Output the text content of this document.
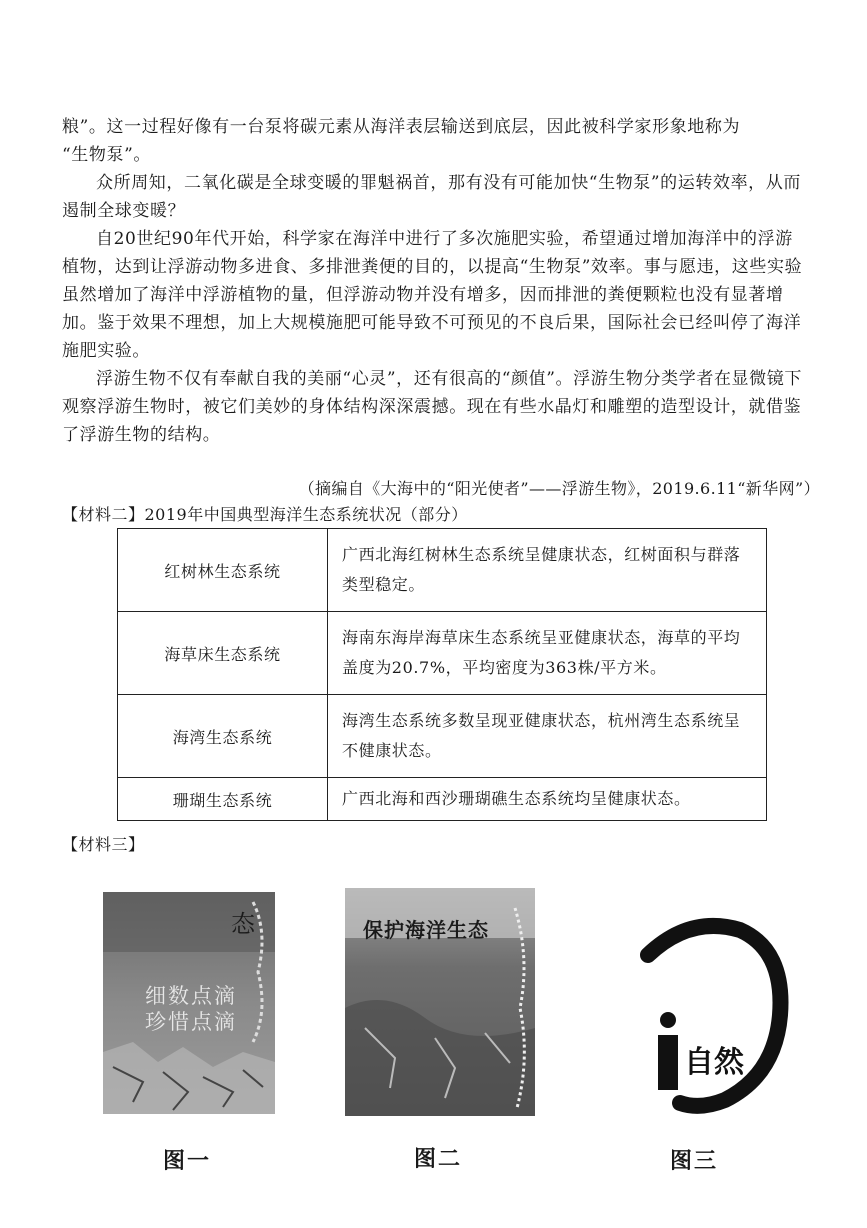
粮”。这一过程好像有一台泵将碳元素从海洋表层输送到底层，因此被科学家形象地称为

“生物泵”。

众所周知，二氧化碳是全球变暖的罪魁祸首，那有没有可能加快“生物泵”的运转效率，从而遏制全球变暖？

自20世纪90年代开始，科学家在海洋中进行了多次施肥实验，希望通过增加海洋中的浮游植物，达到让浮游动物多进食、多排泄粪便的目的，以提高“生物泵”效率。事与愿违，这些实验虽然增加了海洋中浮游植物的量，但浮游动物并没有增多，因而排泄的粪便颗粒也没有显著增加。鉴于效果不理想，加上大规模施肥可能导致不可预见的不良后果，国际社会已经叫停了海洋施肥实验。

浮游生物不仅有奉献自我的美丽“心灵”，还有很高的“颜值”。浮游生物分类学者在显微镜下观察浮游生物时，被它们美妙的身体结构深深震撼。现在有些水晶灯和雕塑的造型设计，就借鉴了浮游生物的结构。

（摘编自《大海中的“阳光使者”——浮游生物》，2019.6.11“新华网”）
【材料二】2019年中国典型海洋生态系统状况（部分）
红树林生态系统	广西北海红树林生态系统呈健康状态，红树面积与群落类型稳定。
海草床生态系统	海南东海岸海草床生态系统呈亚健康状态，海草的平均盖度为20.7%，平均密度为363株/平方米。
海湾生态系统	海湾生态系统多数呈现亚健康状态，杭州湾生态系统呈不健康状态。
珊瑚生态系统	广西北海和西沙珊瑚礁生态系统均呈健康状态。
【材料三】
态
细数点滴
珍惜点滴
图一
保护海洋生态
图二
自然
图三
